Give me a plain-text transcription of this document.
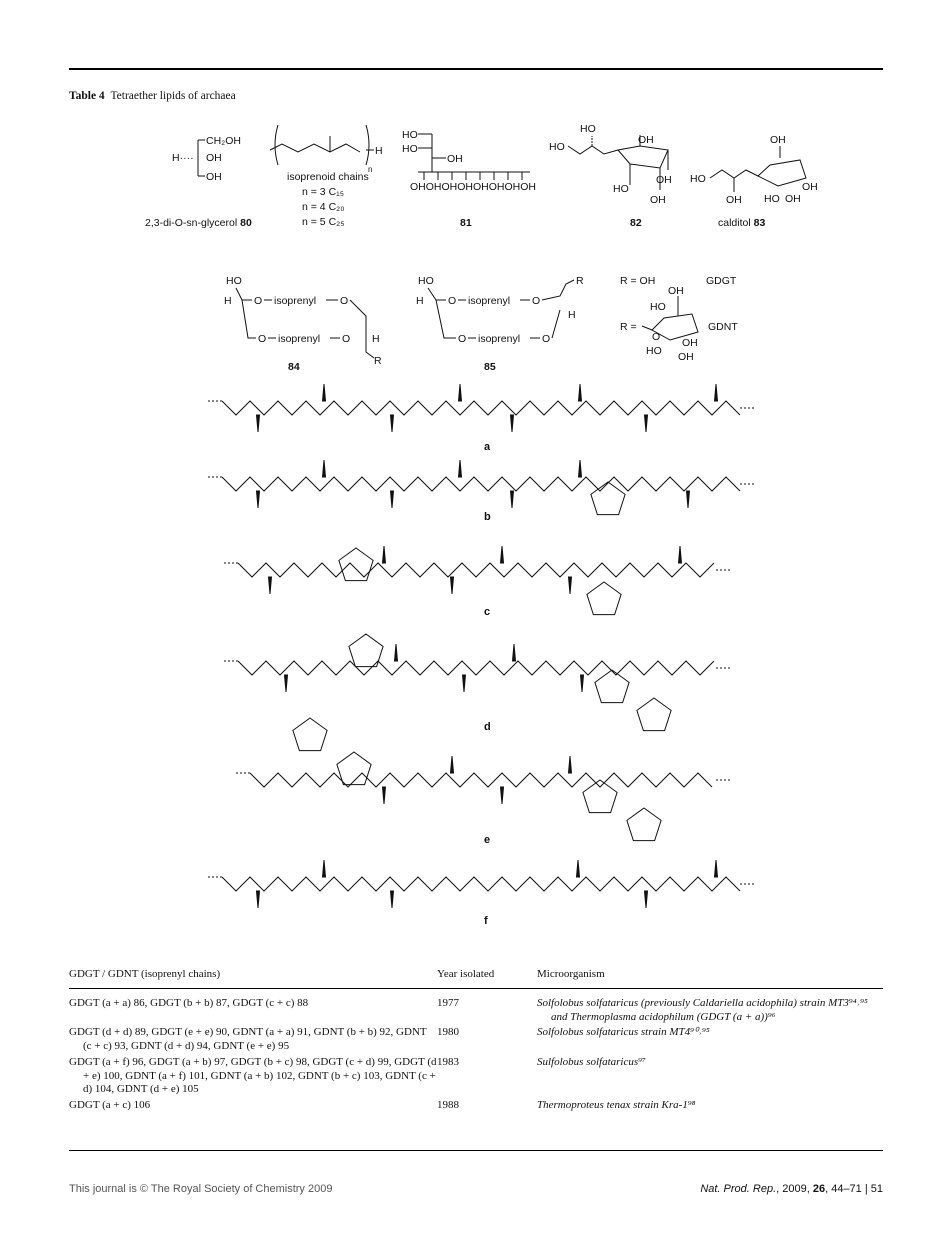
Table 4 Tetraether lipids of archaea
CH₂OH
H···· OH
OH
2,3-di-O-sn-glycerol 80
H
n
isoprenoid chains
n = 3 C₁₅
n = 4 C₂₀
n = 5 C₂₅
HO
HO
OH
OHOHOHOHOHOHOHOH
81
HO
HO
OH
HO
OH
OH
82
HO
OH
OH
HO OH
OH
calditol 83
HO
H O isoprenyl O
O isoprenyl O H
R
84
HO
H O isoprenyl O
R
H
O isoprenyl O
85
R = OH	GDGT
R =
O
OH
HO
GDNT
HO
OH
OH
a
b
c
d
e
f
GDGT / GDNT (isoprenyl chains)	Year isolated	Microorganism
GDGT (a + a) 86, GDGT (b + b) 87, GDGT (c + c) 88	1977	Solfolobus solfataricus (previously Caldariella acidophila) strain MT3⁹⁴˒⁹⁵ and Thermoplasma acidophilum (GDGT (a + a))⁹⁶
GDGT (d + d) 89, GDGT (e + e) 90, GDNT (a + a) 91, GDNT (b + b) 92, GDNT (c + c) 93, GDNT (d + d) 94, GDNT (e + e) 95	1980	Solfolobus solfataricus strain MT4⁹⁰˒⁹⁵
GDGT (a + f) 96, GDGT (a + b) 97, GDGT (b + c) 98, GDGT (c + d) 99, GDGT (d + e) 100, GDNT (a + f) 101, GDNT (a + b) 102, GDNT (b + c) 103, GDNT (c + d) 104, GDNT (d + e) 105	1983	Sulfolobus solfataricus⁹⁷
GDGT (a + c) 106	1988	Thermoproteus tenax strain Kra-1⁹⁸
This journal is © The Royal Society of Chemistry 2009	Nat. Prod. Rep., 2009, 26, 44–71 | 51
